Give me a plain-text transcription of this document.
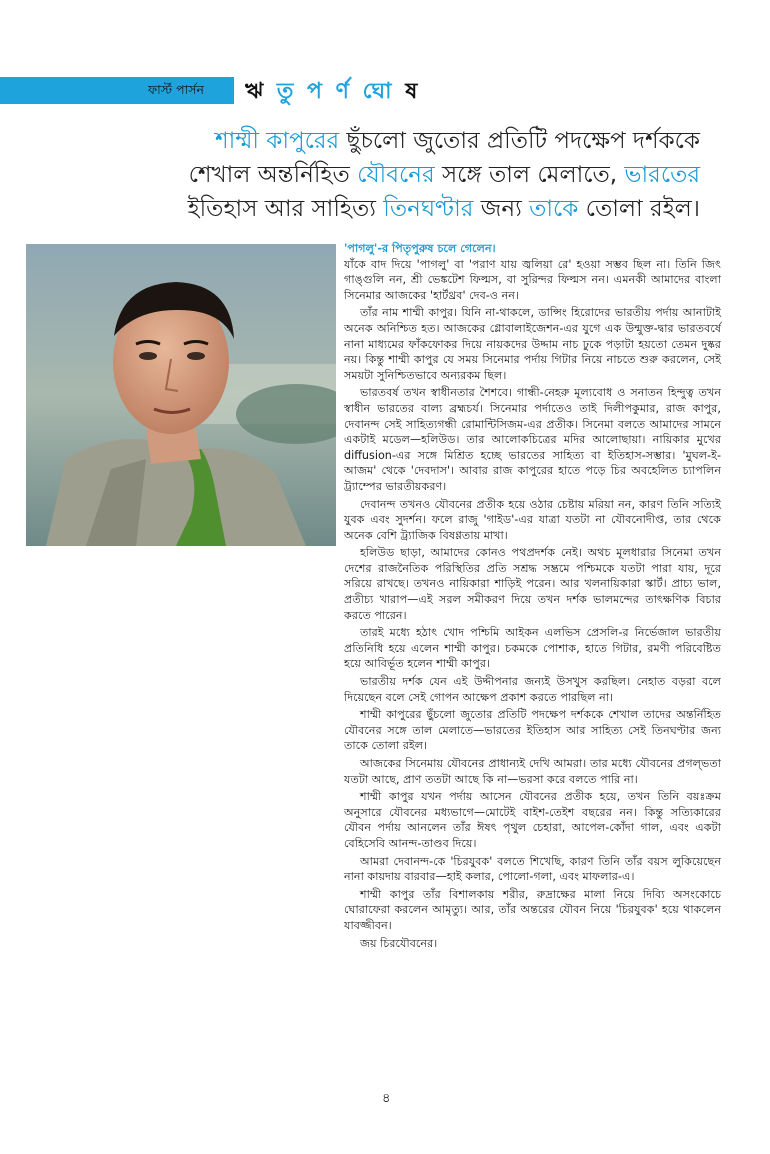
ফার্স্ট পার্সন ঋ তু প র্ণ ঘো ষ
শাম্মী কাপুরের ছুঁচলো জুতোর প্রতিটি পদক্ষেপ দর্শককে
শেখাল অন্তর্নিহিত যৌবনের সঙ্গে তাল মেলাতে, ভারতের
ইতিহাস আর সাহিত্য তিনঘণ্টার জন্য তাকে তোলা রইল।
'পাগলু'-র পিতৃপুরুষ চলে গেলেন।

যাঁকে বাদ দিয়ে 'পাগলু' বা 'পরাণ যায় জ্বলিয়া রে' হওয়া সম্ভব ছিল না। তিনি জিৎ গাঙ্গুলি নন, শ্রী ভেঙ্কটেশ ফিল্মস, বা সুরিন্দর ফিল্মস নন। এমনকী আমাদের বাংলা সিনেমার আজকের 'হার্টথ্রব' দেব-ও নন।

তাঁর নাম শাম্মী কাপুর। যিনি না-থাকলে, ডান্সিং হিরোদের ভারতীয় পর্দায় আনাটাই অনেক অনিশ্চিত হত। আজকের গ্লোবালাইজেশন-এর যুগে এক উন্মুক্ত-দ্বার ভারতবর্ষে নানা মাধ্যমের ফাঁকফোকর দিয়ে নায়কদের উদ্দাম নাচ ঢুকে পড়াটা হয়তো তেমন দুষ্কর নয়। কিন্তু শাম্মী কাপুর যে সময় সিনেমার পর্দায় গিটার নিয়ে নাচতে শুরু করলেন, সেই সময়টা সুনিশ্চিতভাবে অন্যরকম ছিল।

ভারতবর্ষ তখন স্বাধীনতার শৈশবে। গান্ধী-নেহরু মূল্যবোধ ও সনাতন হিন্দুত্ব তখন স্বাধীন ভারতের বাল্য ব্রহ্মচর্য। সিনেমার পর্দাতেও তাই দিলীপকুমার, রাজ কাপুর, দেবানন্দ সেই সাহিত্যগন্ধী রোমান্টিসিজম-এর প্রতীক। সিনেমা বলতে আমাদের সামনে একটাই মডেল—হলিউড। তার আলোকচিত্রের মদির আলোছায়া। নায়িকার মুখের diffusion-এর সঙ্গে মিশ্রিত হচ্ছে ভারতের সাহিত্য বা ইতিহাস-সম্ভার। 'মুঘল-ই-আজম' থেকে 'দেবদাস'। আবার রাজ কাপুরের হাতে পড়ে চির অবহেলিত চ্যাপলিন ট্র্যাম্পের ভারতীয়করণ।

দেবানন্দ তখনও যৌবনের প্রতীক হয়ে ওঠার চেষ্টায় মরিয়া নন, কারণ তিনি সত্যিই যুবক এবং সুদর্শন। ফলে রাজু 'গাইড'-এর যাত্রা যতটা না যৌবনোদীপ্ত, তার থেকে অনেক বেশি ট্র্যাজিক বিষণ্ণতায় মাখা।

হলিউড ছাড়া, আমাদের কোনও পথপ্রদর্শক নেই। অথচ মূলধারার সিনেমা তখন দেশের রাজনৈতিক পরিস্থিতির প্রতি সশ্রদ্ধ সম্ভ্রমে পশ্চিমকে যতটা পারা যায়, দূরে সরিয়ে রাখছে। তখনও নায়িকারা শাড়িই পরেন। আর খলনায়িকারা স্কার্ট। প্রাচ্য ভাল, প্রতীচ্য খারাপ—এই সরল সমীকরণ দিয়ে তখন দর্শক ভালমন্দের তাৎক্ষণিক বিচার করতে পারেন।

তারই মধ্যে হঠাৎ খোদ পশ্চিমি আইকন এলভিস প্রেসলি-র নির্ভেজাল ভারতীয় প্রতিনিধি হয়ে এলেন শাম্মী কাপুর। চকমকে পোশাক, হাতে গিটার, রমণী পরিবেষ্টিত হয়ে আবির্ভূত হলেন শাম্মী কাপুর।

ভারতীয় দর্শক যেন এই উদ্দীপনার জন্যই উসখুস করছিল। নেহাত বড়রা বলে দিয়েছেন বলে সেই গোপন আক্ষেপ প্রকাশ করতে পারছিল না।

শাম্মী কাপুরের ছুঁচলো জুতোর প্রতিটি পদক্ষেপ দর্শককে শেখাল তাদের অন্তর্নিহিত যৌবনের সঙ্গে তাল মেলাতে—ভারতের ইতিহাস আর সাহিত্য সেই তিনঘণ্টার জন্য তাকে তোলা রইল।

আজকের সিনেমায় যৌবনের প্রাধান্যই দেখি আমরা। তার মধ্যে যৌবনের প্রগল্‌ভতা যতটা আছে, প্রাণ ততটা আছে কি না—ভরসা করে বলতে পারি না।

শাম্মী কাপুর যখন পর্দায় আসেন যৌবনের প্রতীক হয়ে, তখন তিনি বয়ঃক্রম অনুসারে যৌবনের মধ্যভাগে—মোটেই বাইশ-তেইশ বছরের নন। কিন্তু সত্যিকারের যৌবন পর্দায় আনলেন তাঁর ঈষৎ পৃথুল চেহারা, আপেল-কোঁদা গাল, এবং একটা বেহিসেবি আনন্দ-তাণ্ডব দিয়ে।

আমরা দেবানন্দ-কে 'চিরযুবক' বলতে শিখেছি, কারণ তিনি তাঁর বয়স লুকিয়েছেন নানা কায়দায় বারবার—হাই কলার, পোলো-গলা, এবং মাফলার-এ।

শাম্মী কাপুর তাঁর বিশালকায় শরীর, রুদ্রাক্ষের মালা নিয়ে দিব্যি অসংকোচে ঘোরাফেরা করলেন আমৃত্যু। আর, তাঁর অন্তরের যৌবন নিয়ে 'চিরযুবক' হয়ে থাকলেন যাবজ্জীবন।

জয় চিরযৌবনের।

৪
